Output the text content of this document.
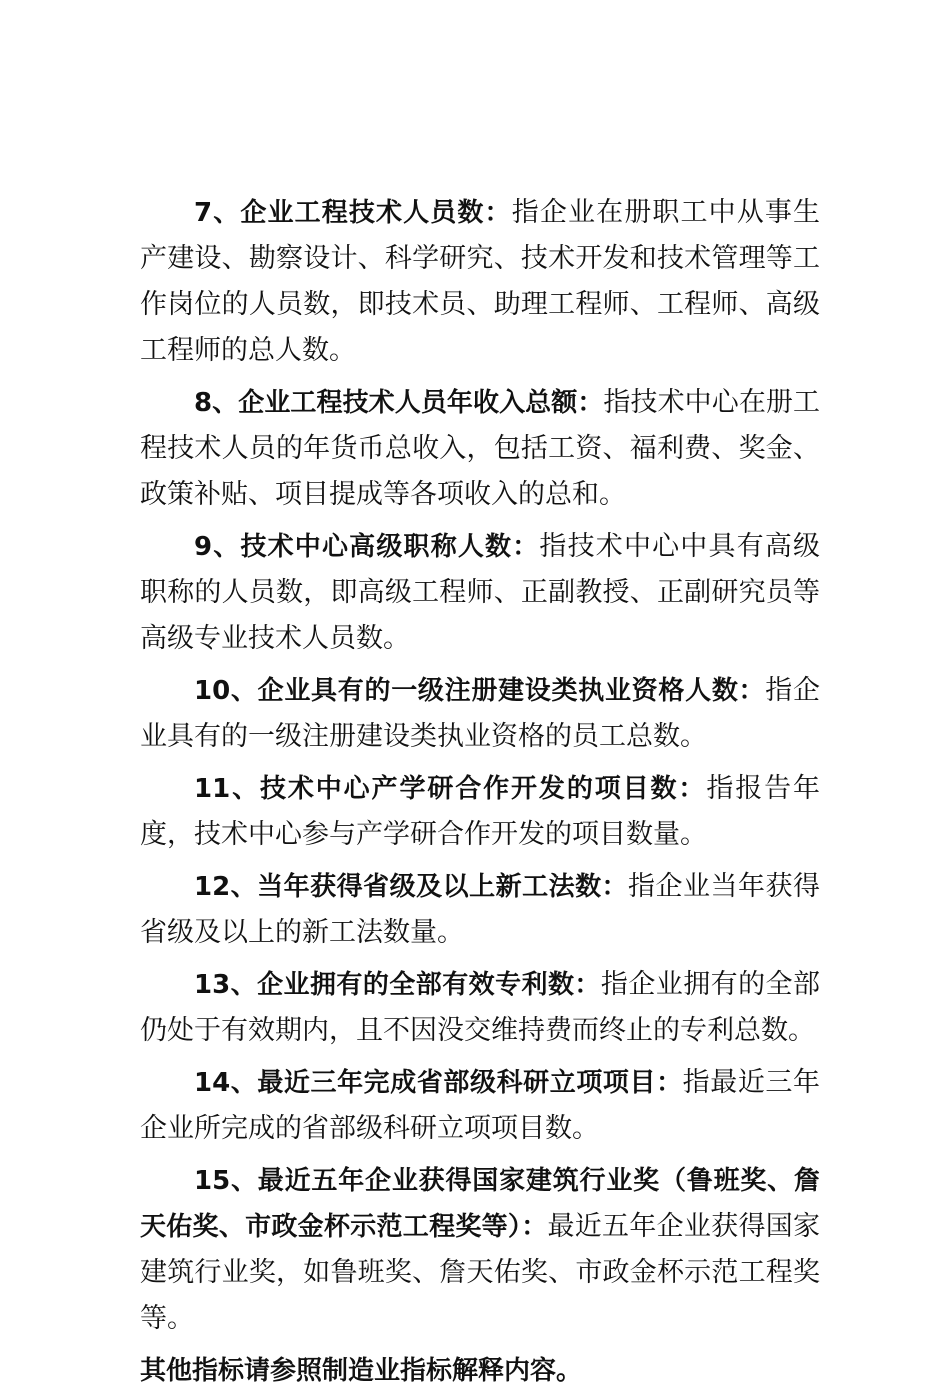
7、企业工程技术人员数：指企业在册职工中从事生产建设、勘察设计、科学研究、技术开发和技术管理等工作岗位的人员数，即技术员、助理工程师、工程师、高级工程师的总人数。

8、企业工程技术人员年收入总额：指技术中心在册工程技术人员的年货币总收入，包括工资、福利费、奖金、政策补贴、项目提成等各项收入的总和。

9、技术中心高级职称人数：指技术中心中具有高级职称的人员数，即高级工程师、正副教授、正副研究员等高级专业技术人员数。

10、企业具有的一级注册建设类执业资格人数：指企业具有的一级注册建设类执业资格的员工总数。

11、技术中心产学研合作开发的项目数：指报告年度，技术中心参与产学研合作开发的项目数量。

12、当年获得省级及以上新工法数：指企业当年获得省级及以上的新工法数量。

13、企业拥有的全部有效专利数：指企业拥有的全部仍处于有效期内，且不因没交维持费而终止的专利总数。

14、最近三年完成省部级科研立项项目：指最近三年企业所完成的省部级科研立项项目数。

15、最近五年企业获得国家建筑行业奖（鲁班奖、詹天佑奖、市政金杯示范工程奖等）：最近五年企业获得国家建筑行业奖，如鲁班奖、詹天佑奖、市政金杯示范工程奖等。

其他指标请参照制造业指标解释内容。
